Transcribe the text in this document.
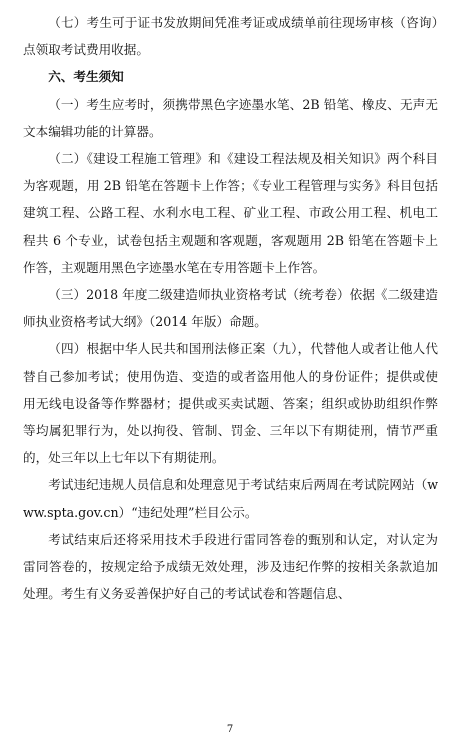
（七）考生可于证书发放期间凭准考证或成绩单前往现场审核（咨询）点领取考试费用收据。

六、考生须知

（一）考生应考时，须携带黑色字迹墨水笔、2B 铅笔、橡皮、无声无文本编辑功能的计算器。

（二）《建设工程施工管理》和《建设工程法规及相关知识》两个科目为客观题，用 2B 铅笔在答题卡上作答；《专业工程管理与实务》科目包括建筑工程、公路工程、水利水电工程、矿业工程、市政公用工程、机电工程共 6 个专业，试卷包括主观题和客观题，客观题用 2B 铅笔在答题卡上作答，主观题用黑色字迹墨水笔在专用答题卡上作答。

（三）2018 年度二级建造师执业资格考试（统考卷）依据《二级建造师执业资格考试大纲》（2014 年版）命题。

（四）根据中华人民共和国刑法修正案（九），代替他人或者让他人代替自己参加考试；使用伪造、变造的或者盗用他人的身份证件；提供或使用无线电设备等作弊器材；提供或买卖试题、答案；组织或协助组织作弊等均属犯罪行为，处以拘役、管制、罚金、三年以下有期徒刑，情节严重的，处三年以上七年以下有期徒刑。

考试违纪违规人员信息和处理意见于考试结束后两周在考试院网站（www.spta.gov.cn）“违纪处理”栏目公示。

考试结束后还将采用技术手段进行雷同答卷的甄别和认定，对认定为雷同答卷的，按规定给予成绩无效处理，涉及违纪作弊的按相关条款追加处理。考生有义务妥善保护好自己的考试试卷和答题信息、

7
